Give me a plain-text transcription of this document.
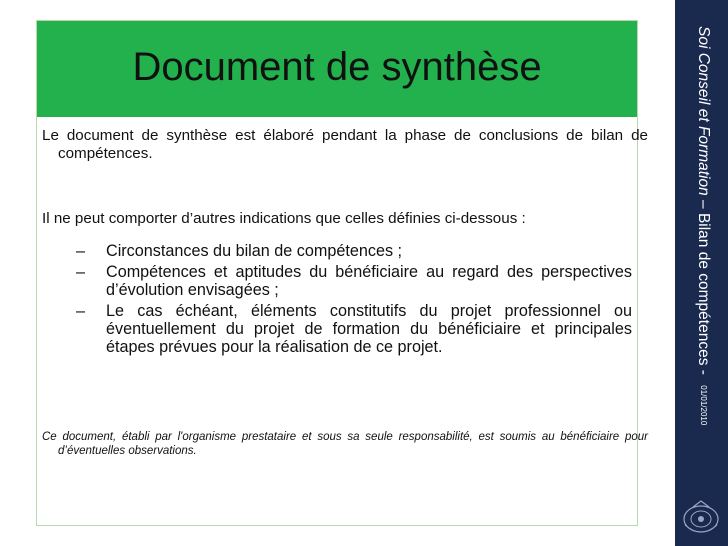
Document de synthèse

Le document de synthèse est élaboré pendant la phase de conclusions de bilan de compétences.

Il ne peut comporter d’autres indications que celles définies ci-dessous :

– Circonstances du bilan de compétences ;
– Compétences et aptitudes du bénéficiaire au regard des perspectives d’évolution envisagées ;
– Le cas échéant, éléments constitutifs du projet professionnel ou éventuellement du projet de formation du bénéficiaire et principales étapes prévues pour la réalisation de ce projet.

Ce document, établi par l'organisme prestataire et sous sa seule responsabilité, est soumis au bénéficiaire pour d’éventuelles observations.

Soi Conseil et Formation – Bilan de compétences - 01/01/2010
